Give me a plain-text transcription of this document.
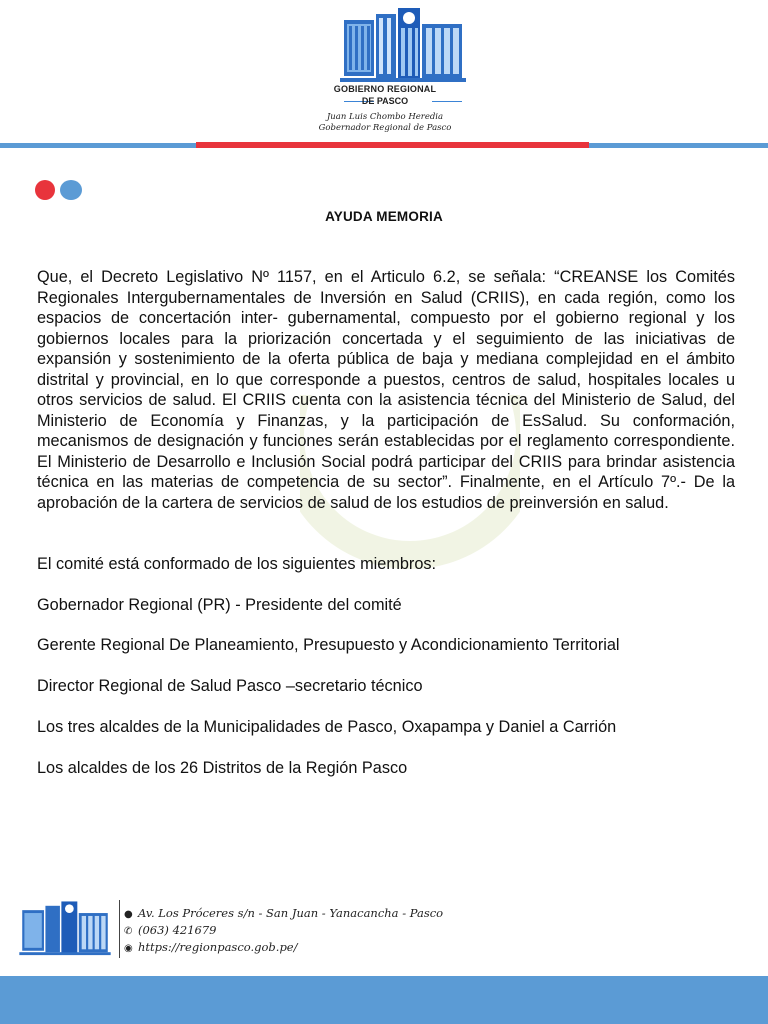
GOBIERNO REGIONAL
DE PASCO
Juan Luis Chombo Heredia
Gobernador Regional de Pasco
AYUDA MEMORIA
Que, el Decreto Legislativo Nº 1157, en el Articulo 6.2, se señala: “CREANSE los Comités Regionales Intergubernamentales de Inversión en Salud (CRIIS), en cada región, como los espacios de concertación inter- gubernamental, compuesto por el gobierno regional y los gobiernos locales para la priorización concertada y el seguimiento de las iniciativas de expansión y sostenimiento de la oferta pública de baja y mediana complejidad en el ámbito distrital y provincial, en lo que corresponde a puestos, centros de salud, hospitales locales u otros servicios de salud. El CRIIS cuenta con la asistencia técnica del Ministerio de Salud, del Ministerio de Economía y Finanzas, y la participación de EsSalud. Su conformación, mecanismos de designación y funciones serán establecidas por el reglamento correspondiente. El Ministerio de Desarrollo e Inclusión Social podrá participar del CRIIS para brindar asistencia técnica en las materias de competencia de su sector”. Finalmente, en el Artículo 7º.- De la aprobación de la cartera de servicios de salud de los estudios de preinversión en salud.
El comité está conformado de los siguientes miembros:
Gobernador Regional (PR) - Presidente del comité
Gerente Regional De Planeamiento, Presupuesto y Acondicionamiento Territorial
Director Regional de Salud Pasco –secretario técnico
Los tres alcaldes de la Municipalidades de Pasco, Oxapampa y Daniel a Carrión
Los alcaldes de los 26 Distritos de la Región Pasco
● Av. Los Próceres s/n - San Juan - Yanacancha - Pasco
✆ (063) 421679
◉ https://regionpasco.gob.pe/
